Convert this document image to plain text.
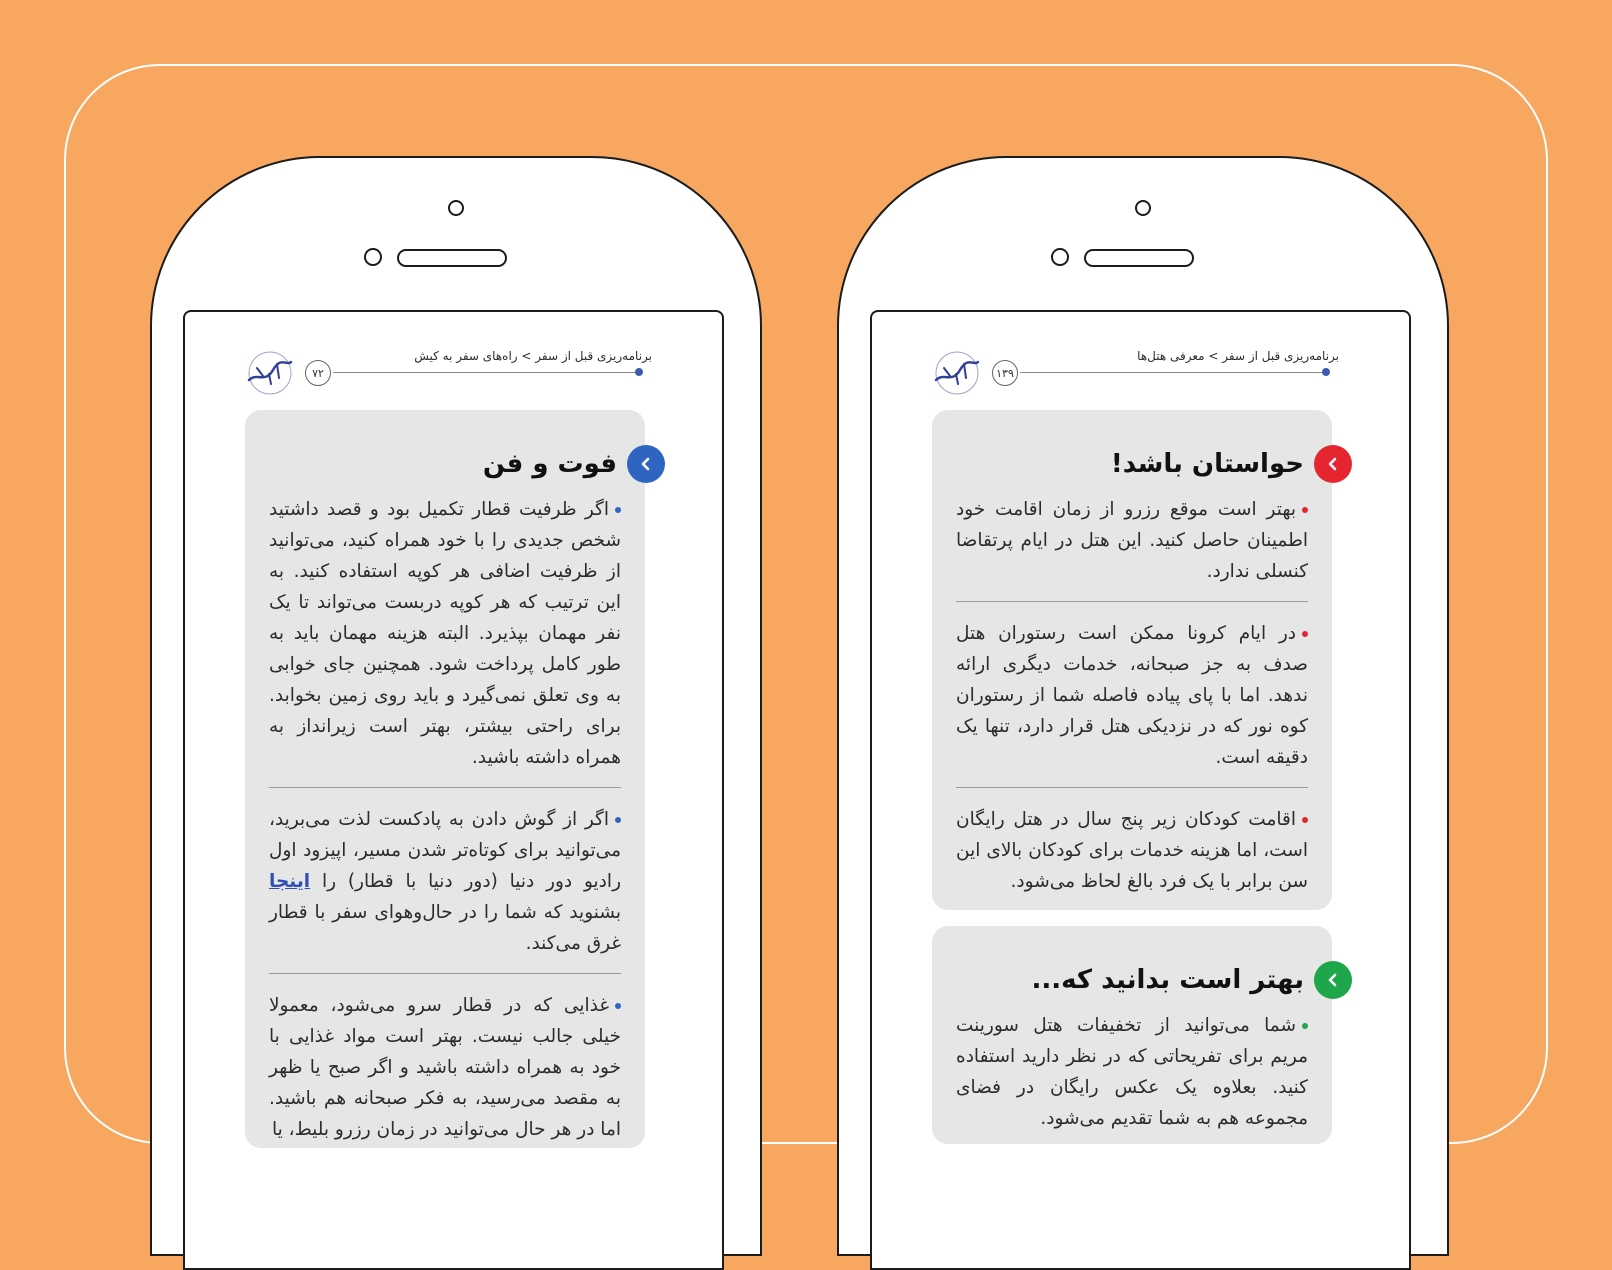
برنامه‌ریزی قبل از سفر > راه‌های سفر به کیش
۷۲
فوت و فن
اگر ظرفیت قطار تکمیل بود و قصد داشتید شخص جدیدی را با خود همراه کنید، می‌توانید از ظرفیت اضافی هر کوپه استفاده کنید. به این ترتیب که هر کوپه دربست می‌تواند تا یک نفر مهمان بپذیرد. البته هزینه مهمان باید به طور کامل پرداخت شود. همچنین جای خوابی به وی تعلق نمی‌گیرد و باید روی زمین بخوابد. برای راحتی بیشتر، بهتر است زیرانداز به همراه داشته باشید.
اگر از گوش دادن به پادکست لذت می‌برید، می‌توانید برای کوتاه‌تر شدن مسیر، اپیزود اول رادیو دور دنیا (دور دنیا با قطار) را اینجا بشنوید که شما را در حال‌وهوای سفر با قطار غرق می‌کند.
غذایی که در قطار سرو می‌شود، معمولا خیلی جالب نیست. بهتر است مواد غذایی با خود به همراه داشته باشید و اگر صبح یا ظهر به مقصد می‌رسید، به فکر صبحانه هم باشید. اما در هر حال می‌توانید در زمان رزرو بلیط، یا
برنامه‌ریزی قبل از سفر > معرفی هتل‌ها
۱۳۹
حواستان باشد!
بهتر است موقع رزرو از زمان اقامت خود اطمینان حاصل کنید. این هتل در ایام پرتقاضا کنسلی ندارد.
در ایام کرونا ممکن است رستوران هتل صدف به جز صبحانه، خدمات دیگری ارائه ندهد. اما با پای پیاده فاصله شما از رستوران کوه نور که در نزدیکی هتل قرار دارد، تنها یک دقیقه است.
اقامت کودکان زیر پنج سال در هتل رایگان است، اما هزینه خدمات برای کودکان بالای این سن برابر با یک فرد بالغ لحاظ می‌شود.
بهتر است بدانید که...
شما می‌توانید از تخفیفات هتل سورینت مریم برای تفریحاتی که در نظر دارید استفاده کنید. بعلاوه یک عکس رایگان در فضای مجموعه هم به شما تقدیم می‌شود.
